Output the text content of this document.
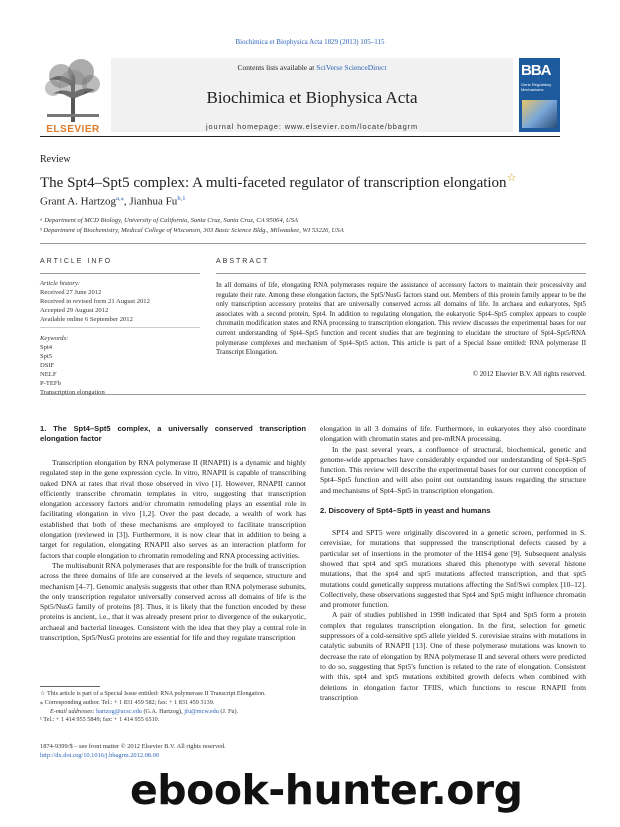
Biochimica et Biophysica Acta 1829 (2013) 105–115
ELSEVIER
Contents lists available at SciVerse ScienceDirect
Biochimica et Biophysica Acta
journal homepage: www.elsevier.com/locate/bbagrm
BBA
Gene Regulatory Mechanisms
Review
The Spt4–Spt5 complex: A multi-faceted regulator of transcription elongation☆
Grant A. Hartzog$^{a,⁎}$, Jianhua Fu$^{b,1}$
ᵃ Department of MCD Biology, University of California, Santa Cruz, Santa Cruz, CA 95064, USA
ᵇ Department of Biochemistry, Medical College of Wisconsin, 303 Basic Science Bldg., Milwaukee, WI 53226, USA
ARTICLE INFO
Article history:
Received 27 June 2012
Received in revised form 21 August 2012
Accepted 29 August 2012
Available online 6 September 2012
Keywords:
Spt4
Spt5
DSIF
NELF
P-TEFb
Transcription elongation
ABSTRACT
In all domains of life, elongating RNA polymerases require the assistance of accessory factors to maintain their processivity and regulate their rate. Among these elongation factors, the Spt5/NusG factors stand out. Members of this protein family appear to be the only transcription accessory proteins that are universally conserved across all domains of life. In archaea and eukaryotes, Spt5 associates with a second protein, Spt4. In addition to regulating elongation, the eukaryotic Spt4–Spt5 complex appears to couple chromatin modification states and RNA processing to transcription elongation. This review discusses the experimental bases for our current understanding of Spt4–Spt5 function and recent studies that are beginning to elucidate the structure of Spt4–Spt5/RNA polymerase complexes and mechanism of Spt4–Spt5 action. This article is part of a Special Issue entitled: RNA polymerase II Transcript Elongation.
© 2012 Elsevier B.V. All rights reserved.
1. The Spt4–Spt5 complex, a universally conserved transcription elongation factor

Transcription elongation by RNA polymerase II (RNAPII) is a dynamic and highly regulated step in the gene expression cycle. In vitro, RNAPII is capable of transcribing naked DNA at rates that rival those observed in vivo [1]. However, RNAPII cannot efficiently transcribe chromatin templates in vitro, suggesting that transcription elongation accessory factors and/or chromatin remodeling plays an essential role in facilitating elongation in vivo [1,2]. Over the past decade, a wealth of work has established that both of these mechanisms are employed to facilitate transcription elongation (reviewed in [3]). Furthermore, it is now clear that in addition to being a target for regulation, elongating RNAPII also serves as an interaction platform for factors that couple elongation to chromatin remodeling and RNA processing activities.

The multisubunit RNA polymerases that are responsible for the bulk of transcription across the three domains of life are conserved at the levels of sequence, structure and mechanism [4–7]. Genomic analysis suggests that other than RNA polymerase subunits, the only transcription regulator universally conserved across all domains of life is the Spt5/NusG family of proteins [8]. Thus, it is likely that the function encoded by these proteins is ancient, i.e., that it was already present prior to divergence of the eukaryotic, archaeal and bacterial lineages. Consistent with the idea that they play a central role in transcription, Spt5/NusG proteins are essential for life and they regulate transcription

elongation in all 3 domains of life. Furthermore, in eukaryotes they also coordinate elongation with chromatin states and pre-mRNA processing.

In the past several years, a confluence of structural, biochemical, genetic and genome-wide approaches have considerably expanded our understanding of Spt4–Spt5 function. This review will describe the experimental bases for our current conception of Spt4–Spt5 function and will also point out outstanding issues regarding the structure and mechanisms of Spt4–Spt5 in transcription elongation.

2. Discovery of Spt4–Spt5 in yeast and humans

SPT4 and SPT5 were originally discovered in a genetic screen, performed in S. cerevisiae, for mutations that suppressed the transcriptional defects caused by a particular set of insertions in the promoter of the HIS4 gene [9]. Subsequent analysis showed that spt4 and spt5 mutations shared this phenotype with several histone mutations, that the spt4 and spt5 mutations affected transcription, and that spt5 mutations could genetically suppress mutations affecting the Snf/Swi complex [10–12]. Collectively, these observations suggested that Spt4 and Spt5 might influence chromatin and promoter function.

A pair of studies published in 1998 indicated that Spt4 and Spt5 form a protein complex that regulates transcription elongation. In the first, selection for genetic suppressors of a cold-sensitive spt5 allele yielded S. cerevisiae strains with mutations in catalytic subunits of RNAPII [13]. One of these polymerase mutations was known to decrease the rate of elongation by RNA polymerase II and several others were predicted to do so, suggesting that Spt5's function is related to the rate of elongation. Consistent with this, spt4 and spt5 mutations exhibited growth defects when combined with deletions in elongation factor TFIIS, which functions to rescue RNAPII from transcription

☆ This article is part of a Special Issue entitled: RNA polymerase II Transcript Elongation.
⁎ Corresponding author. Tel.: + 1 831 459 582; fax: + 1 831 459 3139.
E-mail addresses: hartzog@ucsc.edu (G.A. Hartzog), jfu@mcw.edu (J. Fu).
¹ Tel.: + 1 414 955 5849; fax: + 1 414 955 6510.
1874-9399/$ – see front matter © 2012 Elsevier B.V. All rights reserved.
http://dx.doi.org/10.1016/j.bbagrm.2012.08.00
ebook-hunter.org
